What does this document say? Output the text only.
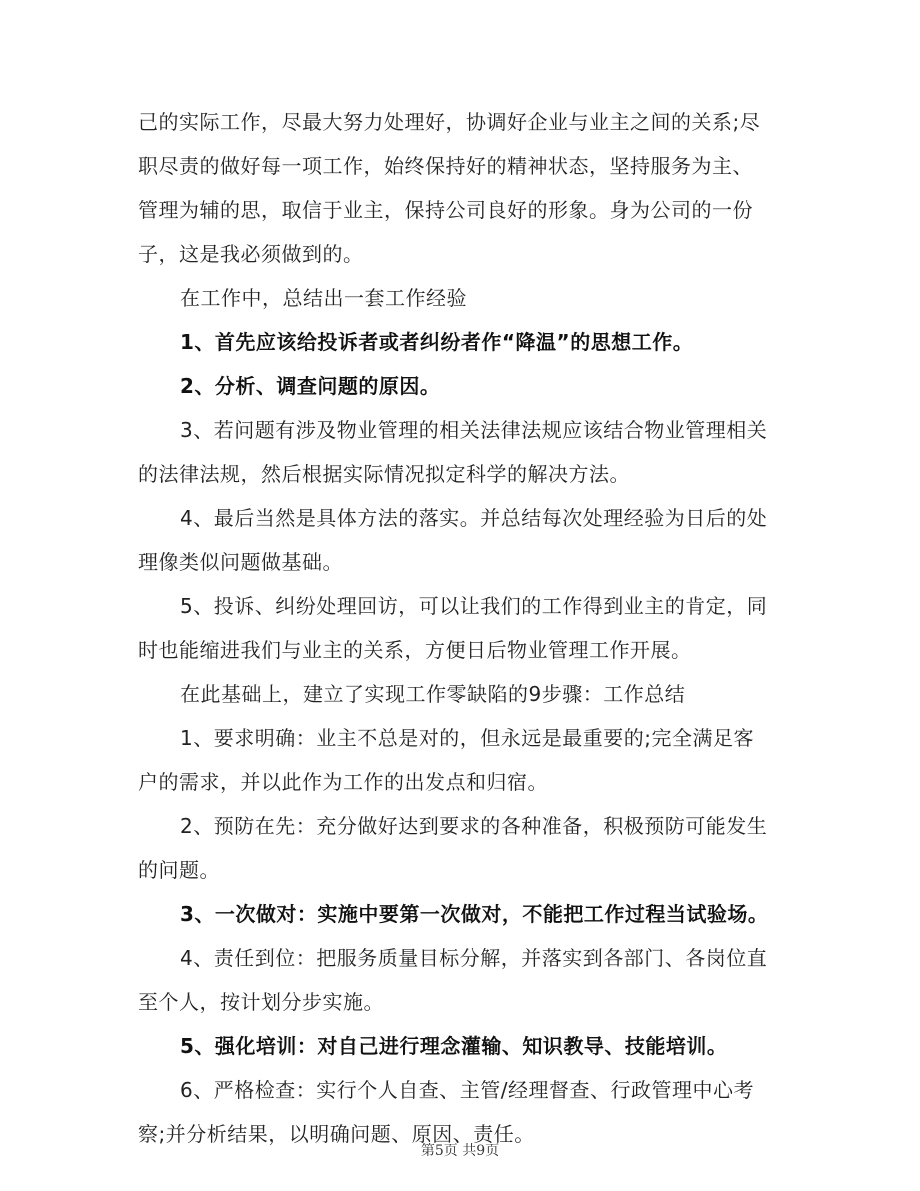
己的实际工作，尽最大努力处理好，协调好企业与业主之间的关系;尽
职尽责的做好每一项工作，始终保持好的精神状态，坚持服务为主、
管理为辅的思，取信于业主，保持公司良好的形象。身为公司的一份
子，这是我必须做到的。
在工作中，总结出一套工作经验
1、首先应该给投诉者或者纠纷者作“降温”的思想工作。
2、分析、调查问题的原因。
3、若问题有涉及物业管理的相关法律法规应该结合物业管理相关
的法律法规，然后根据实际情况拟定科学的解决方法。
4、最后当然是具体方法的落实。并总结每次处理经验为日后的处
理像类似问题做基础。
5、投诉、纠纷处理回访，可以让我们的工作得到业主的肯定，同
时也能缩进我们与业主的关系，方便日后物业管理工作开展。
在此基础上，建立了实现工作零缺陷的9步骤：工作总结
1、要求明确：业主不总是对的，但永远是最重要的;完全满足客
户的需求，并以此作为工作的出发点和归宿。
2、预防在先：充分做好达到要求的各种准备，积极预防可能发生
的问题。
3、一次做对：实施中要第一次做对，不能把工作过程当试验场。
4、责任到位：把服务质量目标分解，并落实到各部门、各岗位直
至个人，按计划分步实施。
5、强化培训：对自己进行理念灌输、知识教导、技能培训。
6、严格检查：实行个人自查、主管/经理督查、行政管理中心考
察;并分析结果，以明确问题、原因、责任。
第5页 共9页
